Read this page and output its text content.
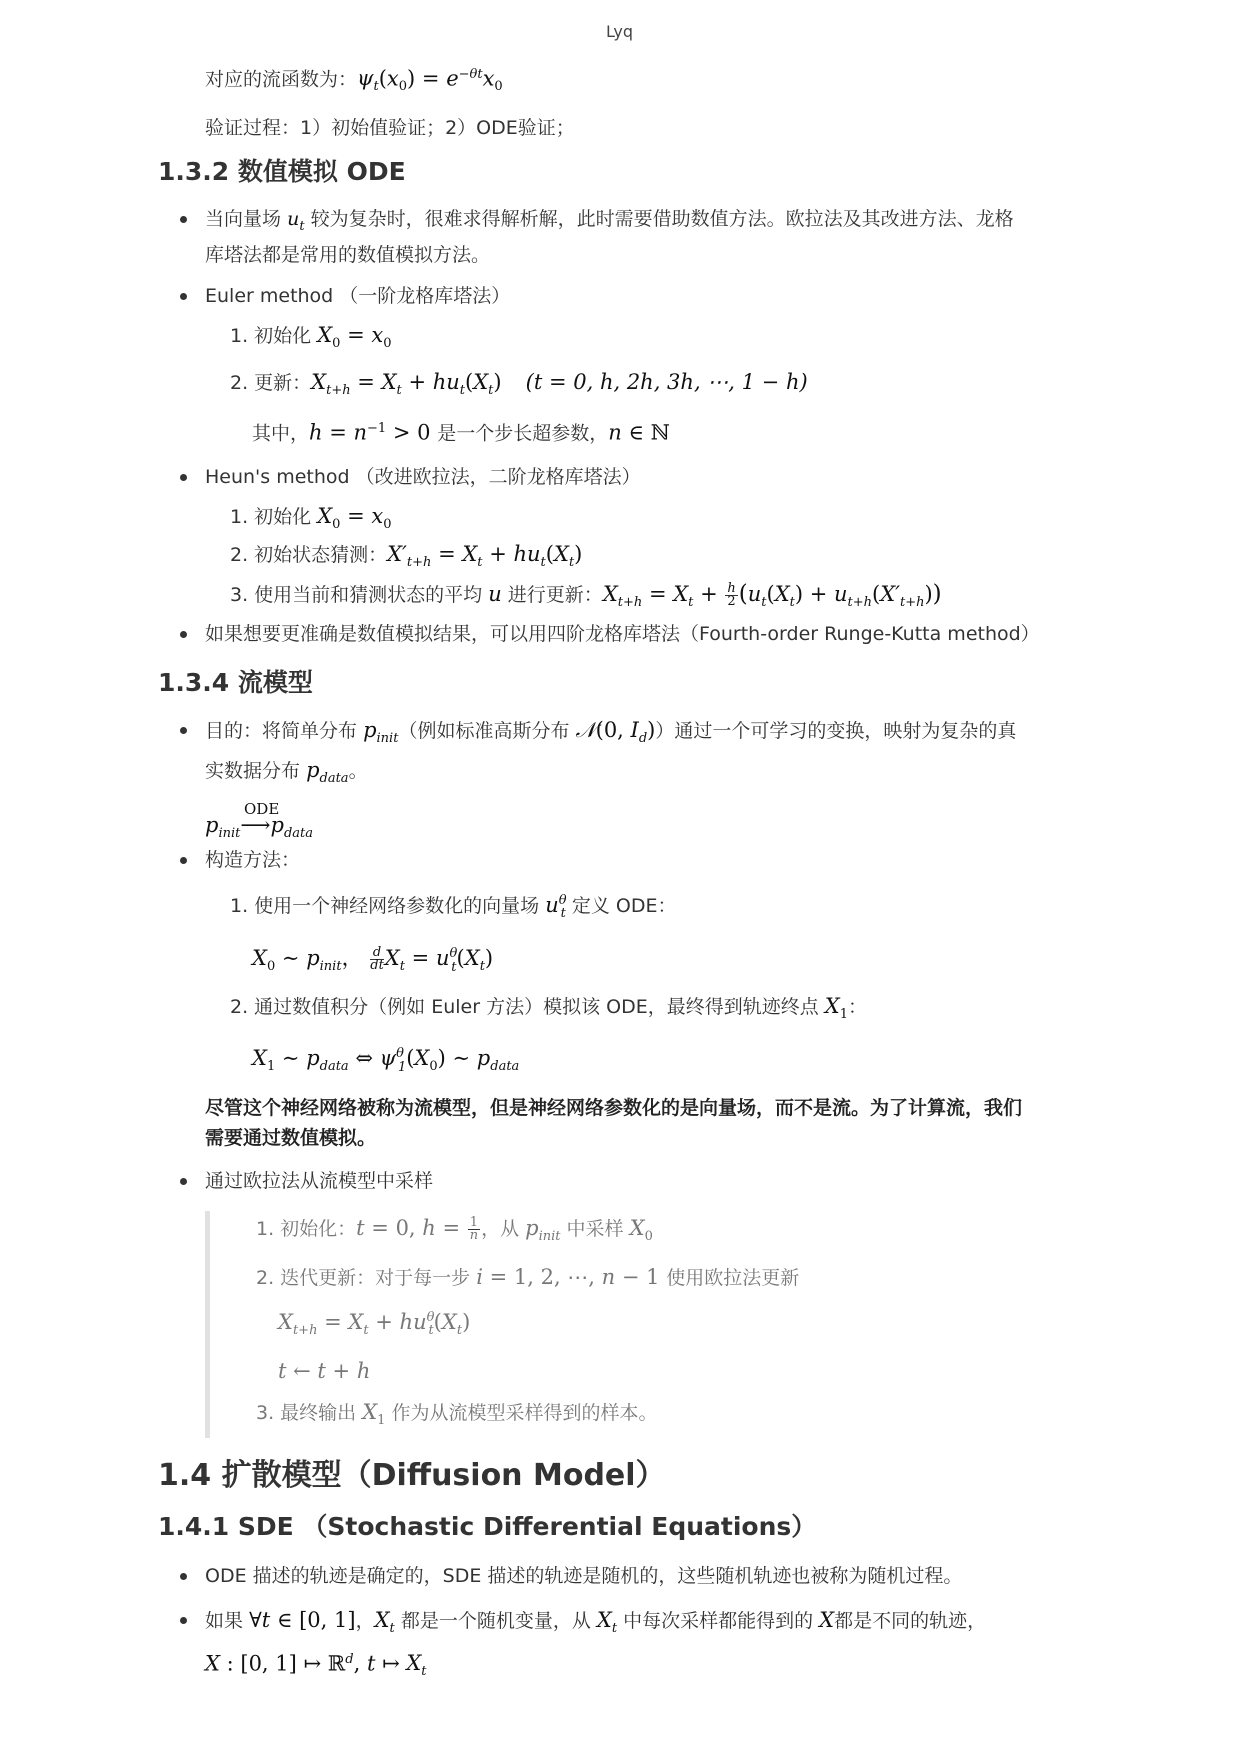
Lyq
对应的流函数为：$\psi_t(x_0) = e^{-\theta t}x_0$
验证过程：1）初始值验证；2）ODE验证；
1.3.2 数值模拟 ODE
当向量场 $u_t$ 较为复杂时，很难求得解析解，此时需要借助数值方法。欧拉法及其改进方法、龙格
库塔法都是常用的数值模拟方法。
Euler method （一阶龙格库塔法）
1. 初始化 $X_0 = x_0$
2. 更新：$X_{t+h} = X_t + hu_t(X_t) (t = 0$, h, 2h, 3h, ⋯, 1 − h)
其中，$h = n^{-1} > 0$ 是一个步长超参数，n ∈ ℕ
Heun's method （改进欧拉法，二阶龙格库塔法）
1. 初始化 $X_0 = x_0$
2. 初始状态猜测：$X'_{t+h} = X_t + hu_t(X_t)$
3. 使用当前和猜测状态的平均 u 进行更新：$X_{t+h} = X_t + \frac{h}{2} (u_t(X_t) + u_{t+h}(X'_{t+h}))$
如果想要更准确是数值模拟结果，可以用四阶龙格库塔法（Fourth-order Runge-Kutta method）
1.3.4 流模型
目的：将简单分布 $p_{init}$（例如标准高斯分布 𝒩(0, $I_d$)）通过一个可学习的变换，映射为复杂的真
实数据分布 $p_{data}$。
ODE
$p_{init}⟶p_{data}$
构造方法：
1. 使用一个神经网络参数化的向量场 $u^\theta_t$ 定义 ODE：
$X_0$ ∼ $p_{init}$， $\frac{d}{dt} X_t = u^\theta_t(X_t)$
2. 通过数值积分（例如 Euler 方法）模拟该 ODE，最终得到轨迹终点 $X_1$：
$X_1$ ∼ $p_{data}$ ⇔ $\psi^\theta_1(X_0)$ ∼ $p_{data}$
尽管这个神经网络被称为流模型，但是神经网络参数化的是向量场，而不是流。为了计算流，我们
需要通过数值模拟。
通过欧拉法从流模型中采样
1. 初始化：t = 0, $h = \frac{1}{n}$ ，从 $p_{init}$ 中采样 $X_0$
2. 迭代更新：对于每一步 i = 1, 2, ⋯, n − 1 使用欧拉法更新
$X_{t+h} = X_t + hu^\theta_t(X_t)$
t ← t + h
3. 最终输出 $X_1$ 作为从流模型采样得到的样本。
1.4 扩散模型（Diffusion Model）
1.4.1 SDE （Stochastic Differential Equations）
ODE 描述的轨迹是确定的，SDE 描述的轨迹是随机的，这些随机轨迹也被称为随机过程。
如果 ∀t ∈ [0, 1]，$X_t$ 都是一个随机变量，从 $X_t$ 中每次采样都能得到的 X都是不同的轨迹，
X : [0, 1] ↦ ℝ$^d$, t ↦ $X_t$
